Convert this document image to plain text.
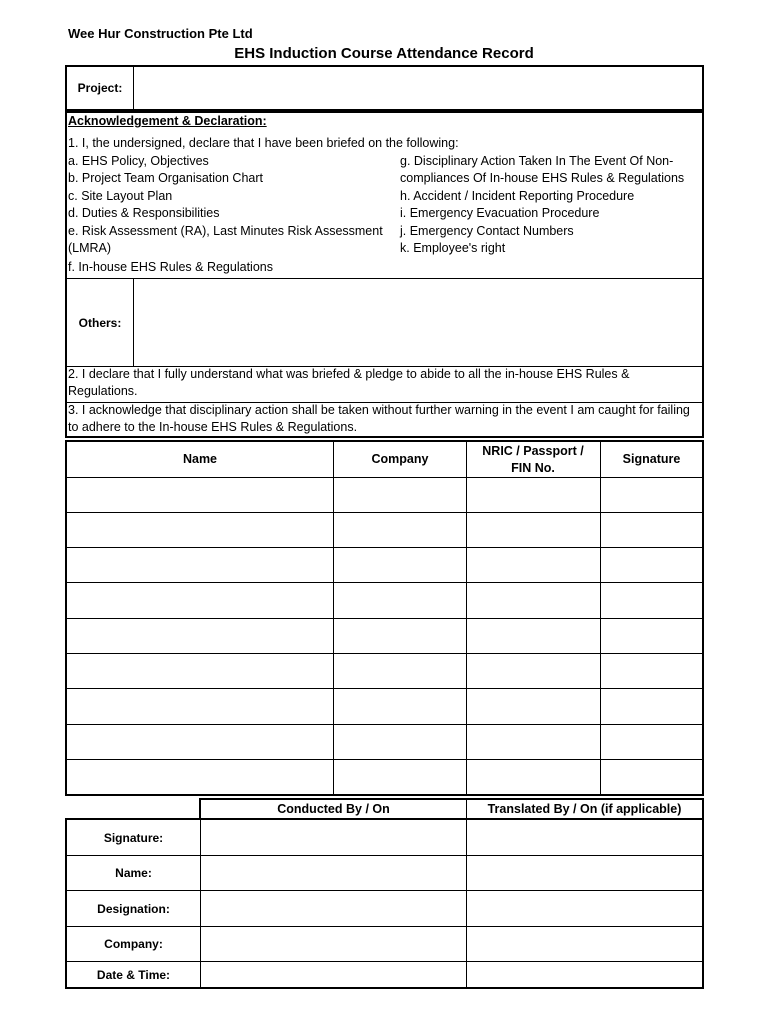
Wee Hur Construction Pte Ltd
EHS Induction Course Attendance Record
Project:
Others:
Acknowledgement & Declaration:
1. I, the undersigned, declare that I have been briefed on the following:
a. EHS Policy, Objectives
b. Project Team Organisation Chart
c. Site Layout Plan
d. Duties & Responsibilities
e. Risk Assessment (RA), Last Minutes Risk Assessment
(LMRA)
f. In-house EHS Rules & Regulations
g. Disciplinary Action Taken In The Event Of Non-
compliances Of In-house EHS Rules & Regulations
h. Accident / Incident Reporting Procedure
i. Emergency Evacuation Procedure
j. Emergency Contact Numbers
k. Employee's right
2. I declare that I fully understand what was briefed & pledge to abide to all the in-house EHS Rules & Regulations.
3. I acknowledge that disciplinary action shall be taken without further warning in the event I am caught for failing to adhere to the In-house EHS Rules & Regulations.
Name	Company
NRIC / Passport / FIN No.
Signature
Conducted By / On	Translated By / On (if applicable)
Signature:
Name:
Designation:
Company:
Date & Time:
